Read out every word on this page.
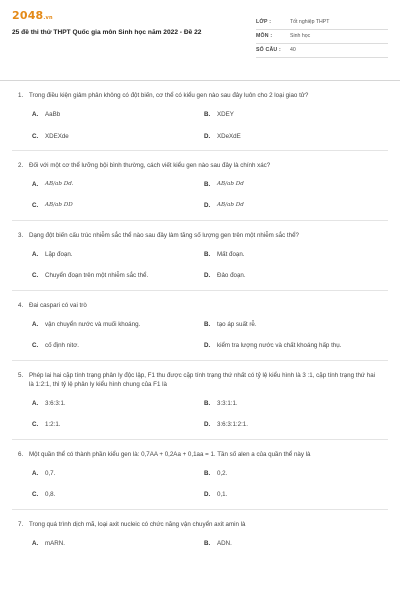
2048.vn
25 đề thi thử THPT Quốc gia môn Sinh học năm 2022 - Đề 22
LỚP :	Tốt nghiệp THPT
MÔN :	Sinh học
SỐ CÂU :	40
1. Trong điều kiện giảm phân không có đột biến, cơ thể có kiểu gen nào sau đây luôn cho 2 loại giao tử?
A.	AaBb	B.	XDEY
C.	XDEXde	D.	XDeXdE
2. Đối với một cơ thể lưỡng bội bình thường, cách viết kiểu gen nào sau đây là chính xác?
A.	AB/ab Dd.	B.	AB/ab Dd
C.	AB/ab DD	D.	AB/ab Dd
3. Dạng đột biến cấu trúc nhiễm sắc thể nào sau đây làm tăng số lượng gen trên một nhiễm sắc thể?
A.	Lặp đoạn.	B.	Mất đoạn.
C.	Chuyển đoạn trên một nhiễm sắc thể.	D.	Đảo đoạn.
4. Đai caspari có vai trò
A.	vận chuyển nước và muối khoáng.	B.	tạo áp suất rễ.
C.	cố định nitơ.	D.	kiểm tra lượng nước và chất khoáng hấp thụ.
5. Phép lai hai cặp tính trạng phân ly độc lập, F1 thu được cặp tính trạng thứ nhất có tỷ lệ kiểu hình là 3 :1, cặp tính trạng thứ hai là 1:2:1, thì tỷ lệ phân ly kiểu hình chung của F1 là
A.	3:6:3:1.	B.	3:3:1:1.
C.	1:2:1.	D.	3:6:3:1:2:1.
6. Một quần thể có thành phần kiểu gen là: 0,7AA + 0,2Aa + 0,1aa = 1. Tần số alen a của quần thể này là
A.	0,7.	B.	0,2.
C.	0,8.	D.	0,1.
7. Trong quá trình dịch mã, loại axit nucleic có chức năng vận chuyển axit amin là
A.	mARN.	B.	ADN.
